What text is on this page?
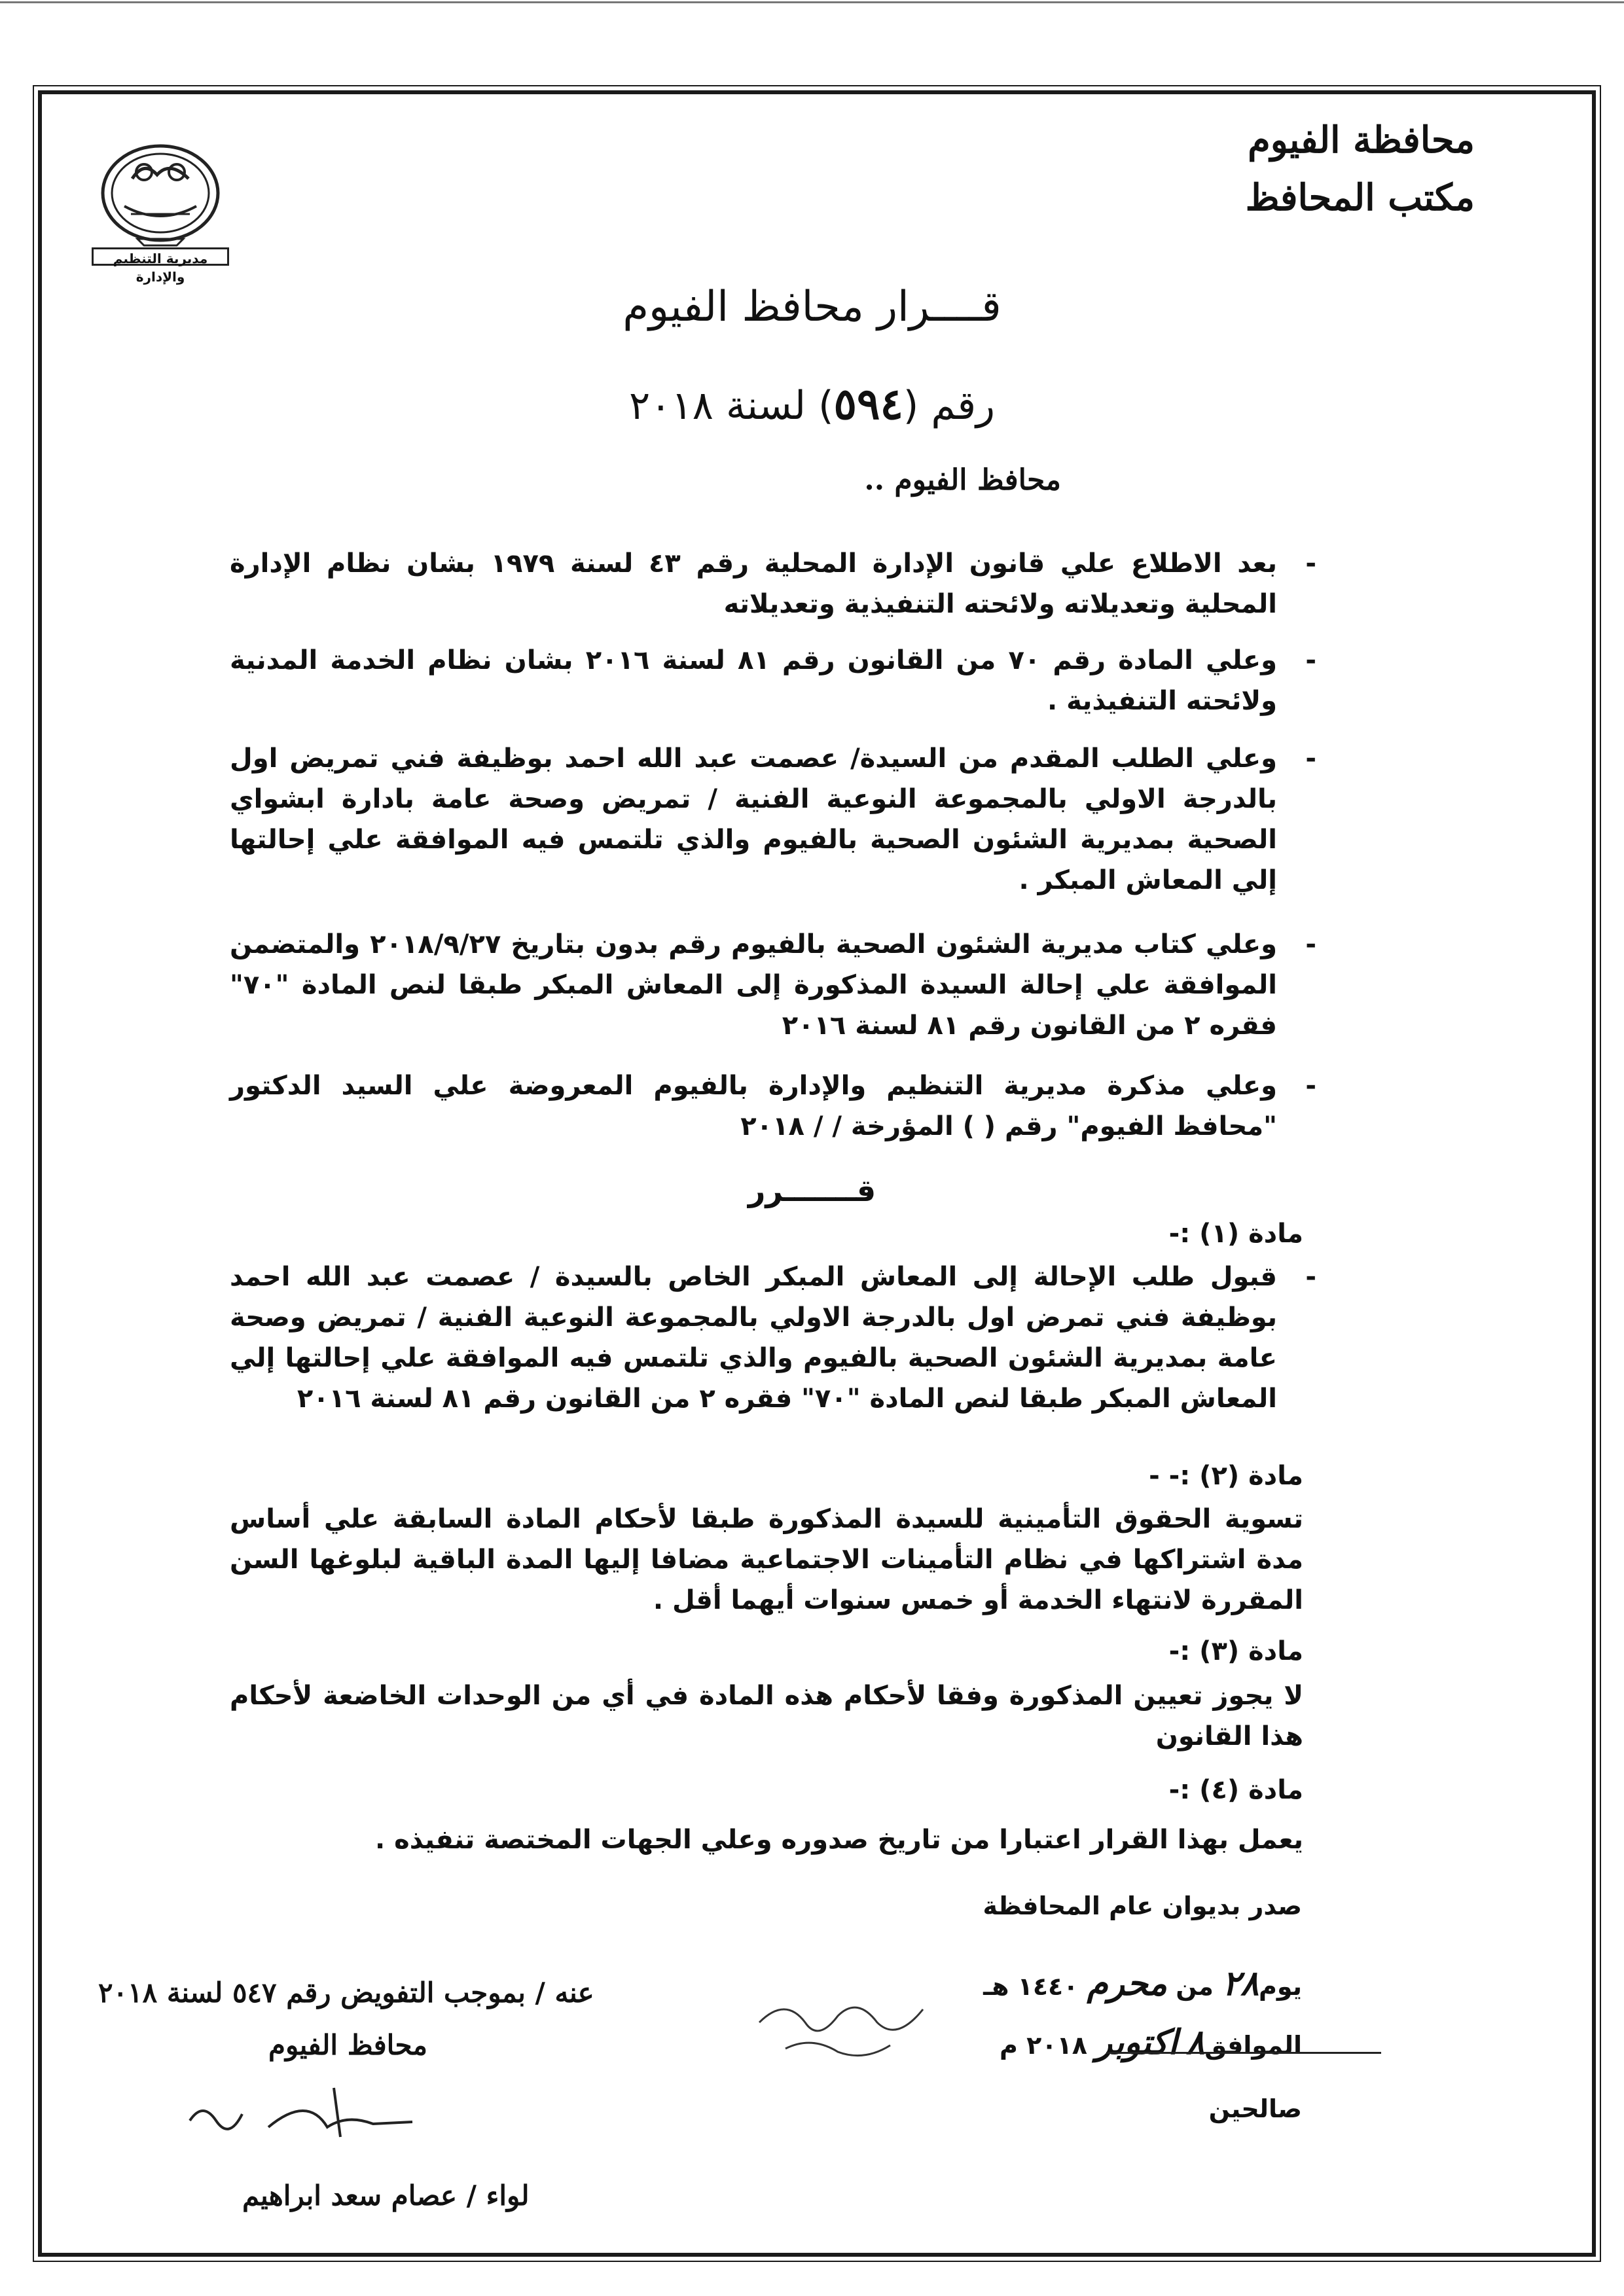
محافظة الفيوم
مكتب المحافظ
مديرية التنظيم والإدارة
قــــرار محافظ الفيوم
رقم (٥٩٤) لسنة ٢٠١٨
محافظ الفيوم ..
-
بعد الاطلاع علي قانون الإدارة المحلية رقم ٤٣ لسنة ١٩٧٩ بشان نظام الإدارة المحلية وتعديلاته ولائحته التنفيذية وتعديلاته
-
وعلي المادة رقم ٧٠ من القانون رقم ٨١ لسنة ٢٠١٦ بشان نظام الخدمة المدنية ولائحته التنفيذية .
-
وعلي الطلب المقدم من السيدة/ عصمت عبد الله احمد بوظيفة فني تمريض اول بالدرجة الاولي بالمجموعة النوعية الفنية / تمريض وصحة عامة بادارة ابشواي الصحية بمديرية الشئون الصحية بالفيوم والذي تلتمس فيه الموافقة علي إحالتها إلي المعاش المبكر .
-
وعلي كتاب مديرية الشئون الصحية بالفيوم رقم بدون بتاريخ ٢٠١٨/٩/٢٧ والمتضمن الموافقة علي إحالة السيدة المذكورة إلى المعاش المبكر طبقا لنص المادة "٧٠" فقره ٢ من القانون رقم ٨١ لسنة ٢٠١٦
-
وعلي مذكرة مديرية التنظيم والإدارة بالفيوم المعروضة علي السيد الدكتور "محافظ الفيوم" رقم ( ) المؤرخة / / ٢٠١٨
قـــــــرر
مادة (١) :-
-
قبول طلب الإحالة إلى المعاش المبكر الخاص بالسيدة / عصمت عبد الله احمد بوظيفة فني تمرض اول بالدرجة الاولي بالمجموعة النوعية الفنية / تمريض وصحة عامة بمديرية الشئون الصحية بالفيوم والذي تلتمس فيه الموافقة علي إحالتها إلي المعاش المبكر طبقا لنص المادة "٧٠" فقره ٢ من القانون رقم ٨١ لسنة ٢٠١٦
مادة (٢) :- -
تسوية الحقوق التأمينية للسيدة المذكورة طبقا لأحكام المادة السابقة علي أساس مدة اشتراكها في نظام التأمينات الاجتماعية مضافا إليها المدة الباقية لبلوغها السن المقررة لانتهاء الخدمة أو خمس سنوات أيهما أقل .
مادة (٣) :-
لا يجوز تعيين المذكورة وفقا لأحكام هذه المادة في أي من الوحدات الخاضعة لأحكام هذا القانون
مادة (٤) :-
يعمل بهذا القرار اعتبارا من تاريخ صدوره وعلي الجهات المختصة تنفيذه .
صدر بديوان عام المحافظة
يوم٢٨ من محرم ١٤٤٠ هـ
الموافق٨ اكتوبر ٢٠١٨ م
صالحين
عنه / بموجب التفويض رقم ٥٤٧ لسنة ٢٠١٨
محافظ الفيوم
لواء / عصام سعد ابراهيم
